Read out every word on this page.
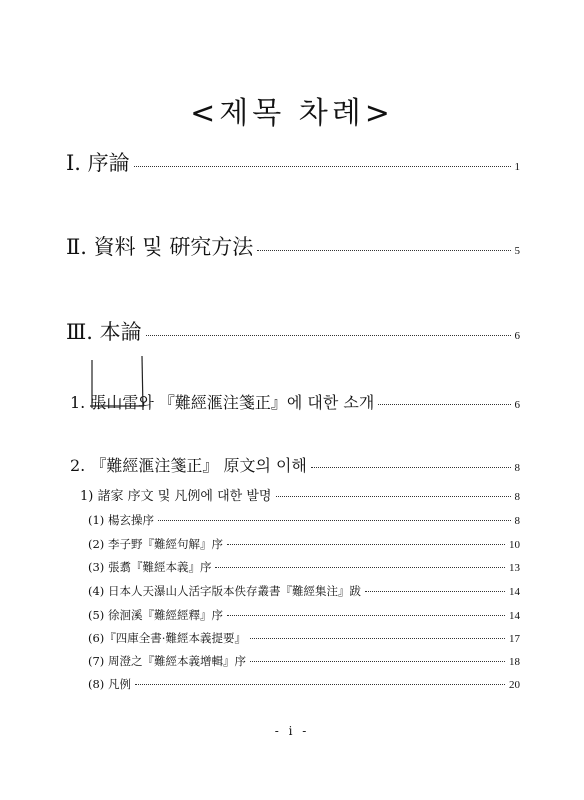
<제목 차례>
Ⅰ. 序論	1
Ⅱ. 資料 및 硏究方法	5
Ⅲ. 本論	6
1. 張山雷와 『難經滙注箋正』에 대한 소개	6
2. 『難經滙注箋正』 原文의 이해	8
1) 諸家 序文 및 凡例에 대한 발명	8
(1) 楊玄操序	8
(2) 李子野『難經句解』序	10
(3) 張翥『難經本義』序	13
(4) 日本人天瀑山人活字版本佚存叢書『難經集注』跋	14
(5) 徐洄溪『難經經釋』序	14
(6)『四庫全書·難經本義提要』	17
(7) 周澄之『難經本義增輯』序	18
(8) 凡例	20
- i -
